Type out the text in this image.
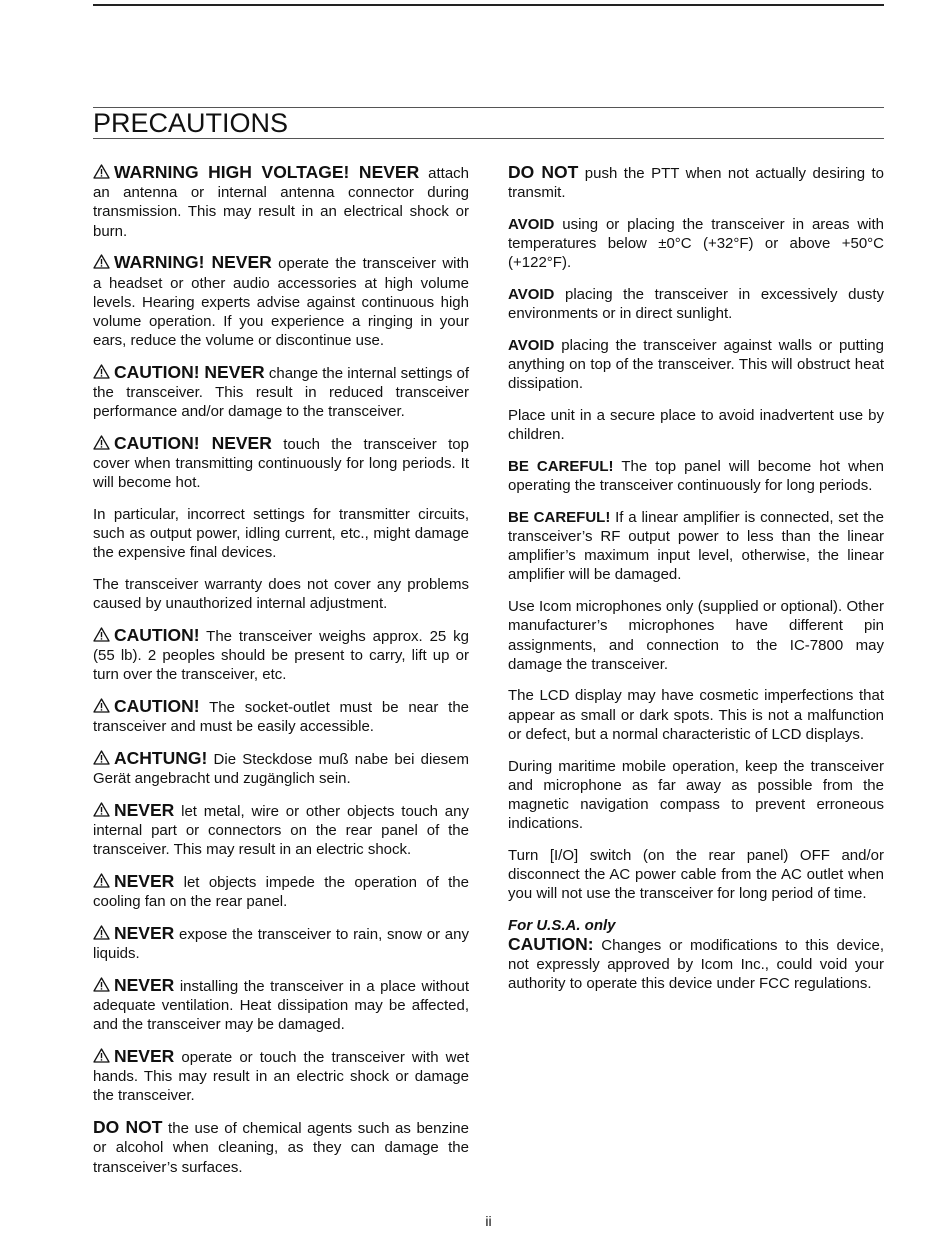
PRECAUTIONS

WARNING HIGH VOLTAGE! NEVER attach an antenna or internal antenna connector during transmission. This may result in an electrical shock or burn.

WARNING! NEVER operate the transceiver with a headset or other audio accessories at high volume levels. Hearing experts advise against continuous high volume operation. If you experience a ringing in your ears, reduce the volume or discontinue use.

CAUTION! NEVER change the internal settings of the transceiver. This result in reduced transceiver performance and/or damage to the transceiver.

CAUTION! NEVER touch the transceiver top cover when transmitting continuously for long periods. It will become hot.

In particular, incorrect settings for transmitter circuits, such as output power, idling current, etc., might damage the expensive final devices.

The transceiver warranty does not cover any problems caused by unauthorized internal adjustment.

CAUTION! The transceiver weighs approx. 25 kg (55 lb). 2 peoples should be present to carry, lift up or turn over the transceiver, etc.

CAUTION! The socket-outlet must be near the transceiver and must be easily accessible.

ACHTUNG! Die Steckdose muß nabe bei diesem Gerät angebracht und zugänglich sein.

NEVER let metal, wire or other objects touch any internal part or connectors on the rear panel of the transceiver. This may result in an electric shock.

NEVER let objects impede the operation of the cooling fan on the rear panel.

NEVER expose the transceiver to rain, snow or any liquids.

NEVER installing the transceiver in a place without adequate ventilation. Heat dissipation may be affected, and the transceiver may be damaged.

NEVER operate or touch the transceiver with wet hands. This may result in an electric shock or damage the transceiver.

DO NOT the use of chemical agents such as benzine or alcohol when cleaning, as they can damage the transceiver’s surfaces.

DO NOT push the PTT when not actually desiring to transmit.

AVOID using or placing the transceiver in areas with temperatures below ±0°C (+32°F) or above +50°C (+122°F).

AVOID placing the transceiver in excessively dusty environments or in direct sunlight.

AVOID placing the transceiver against walls or putting anything on top of the transceiver. This will obstruct heat dissipation.

Place unit in a secure place to avoid inadvertent use by children.

BE CAREFUL! The top panel will become hot when operating the transceiver continuously for long periods.

BE CAREFUL! If a linear amplifier is connected, set the transceiver’s RF output power to less than the linear amplifier’s maximum input level, otherwise, the linear amplifier will be damaged.

Use Icom microphones only (supplied or optional). Other manufacturer’s microphones have different pin assignments, and connection to the IC-7800 may damage the transceiver.

The LCD display may have cosmetic imperfections that appear as small or dark spots. This is not a malfunction or defect, but a normal characteristic of LCD displays.

During maritime mobile operation, keep the transceiver and microphone as far away as possible from the magnetic navigation compass to prevent erroneous indications.

Turn [I/O] switch (on the rear panel) OFF and/or disconnect the AC power cable from the AC outlet when you will not use the transceiver for long period of time.

For U.S.A. only

CAUTION: Changes or modifications to this device, not expressly approved by Icom Inc., could void your authority to operate this device under FCC regulations.

ii
